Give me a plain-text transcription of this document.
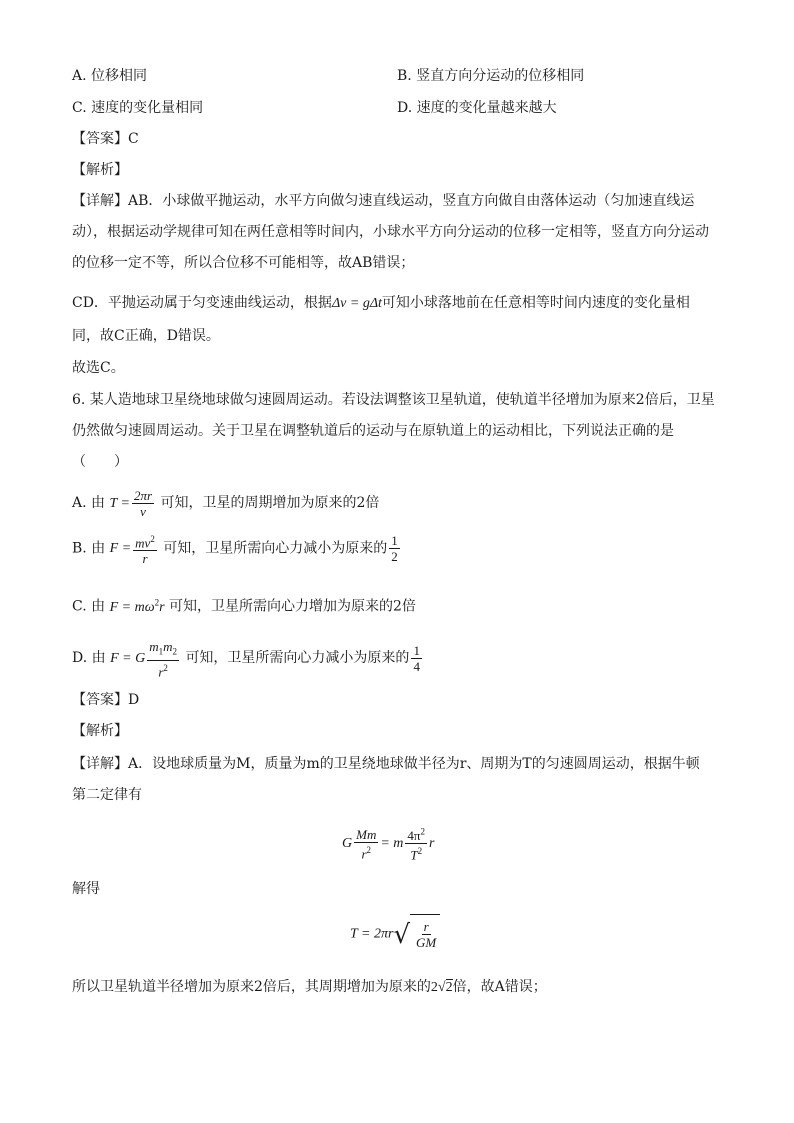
A. 位移相同	B. 竖直方向分运动的位移相同
C. 速度的变化量相同	D. 速度的变化量越来越大
【答案】C
【解析】
【详解】AB．小球做平抛运动，水平方向做匀速直线运动，竖直方向做自由落体运动（匀加速直线运
动），根据运动学规律可知在两任意相等时间内，小球水平方向分运动的位移一定相等，竖直方向分运动
的位移一定不等，所以合位移不可能相等，故AB错误；
CD．平抛运动属于匀变速曲线运动，根据Δv = gΔt可知小球落地前在任意相等时间内速度的变化量相
同，故C正确，D错误。
故选C。
6. 某人造地球卫星绕地球做匀速圆周运动。若设法调整该卫星轨道，使轨道半径增加为原来2倍后，卫星
仍然做匀速圆周运动。关于卫星在调整轨道后的运动与在原轨道上的运动相比，下列说法正确的是
（　　）
A. 由 $T = \frac{2\pi r}{v}$ 可知，卫星的周期增加为原来的2倍
B. 由 $F = \frac{mv^2}{r}$ 可知，卫星所需向心力减小为原来的 $\frac{1}{2}$
C. 由 $F = m\omega^2r$ 可知，卫星所需向心力增加为原来的2倍
D. 由 F = G $\frac{m_1m_2}{r^2}$ 可知，卫星所需向心力减小为原来的 $\frac{1}{4}$
【答案】D
【解析】
【详解】A．设地球质量为M，质量为m的卫星绕地球做半径为r、周期为T的匀速圆周运动，根据牛顿
第二定律有
G $\frac{Mm}{r^2} = m \frac{4\pi^2}{T^2}$ r
解得
T = 2πr √ $\frac{r}{GM}$
所以卫星轨道半径增加为原来2倍后，其周期增加为原来的2√2倍，故A错误；
